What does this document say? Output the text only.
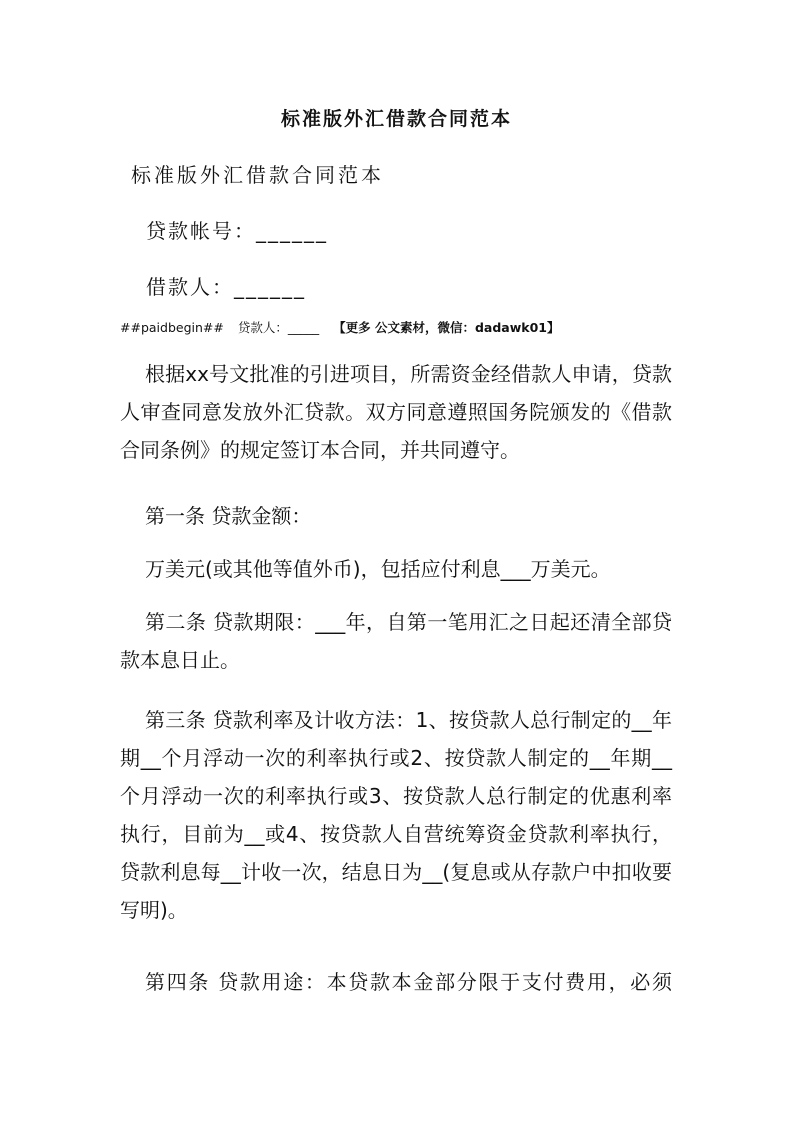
标准版外汇借款合同范本

标准版外汇借款合同范本

贷款帐号：______

借款人：______

##paidbegin## 贷款人：_____ 【更多 公文素材，微信：dadawk01】

根据xx号文批准的引进项目，所需资金经借款人申请，贷款人审查同意发放外汇贷款。双方同意遵照国务院颁发的《借款合同条例》的规定签订本合同，并共同遵守。

第一条 贷款金额：

万美元(或其他等值外币)，包括应付利息___万美元。

第二条 贷款期限：___年，自第一笔用汇之日起还清全部贷款本息日止。

第三条 贷款利率及计收方法：1、按贷款人总行制定的__年期__个月浮动一次的利率执行或2、按贷款人制定的__年期__个月浮动一次的利率执行或3、按贷款人总行制定的优惠利率执行，目前为__或4、按贷款人自营统筹资金贷款利率执行，贷款利息每__计收一次，结息日为__(复息或从存款户中扣收要写明)。

第四条 贷款用途：本贷款本金部分限于支付费用，必须
